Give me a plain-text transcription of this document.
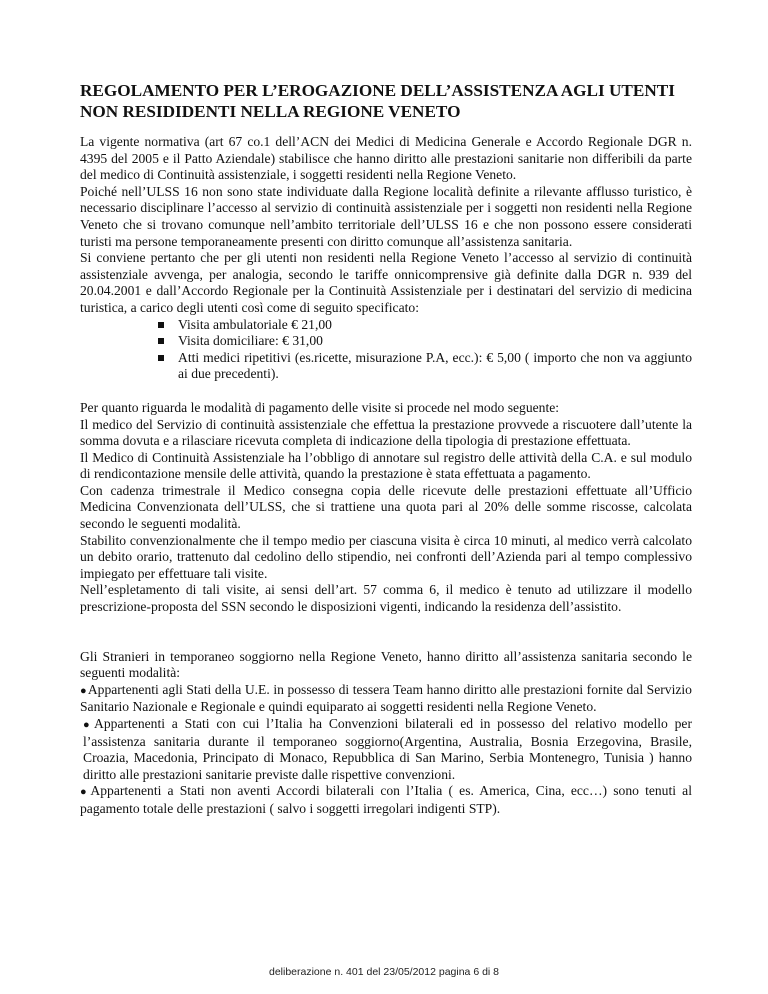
REGOLAMENTO PER L’EROGAZIONE DELL’ASSISTENZA AGLI UTENTI NON RESIDIDENTI NELLA REGIONE VENETO

La vigente normativa (art 67 co.1 dell’ACN dei Medici di Medicina Generale e Accordo Regionale DGR n. 4395 del 2005 e il Patto Aziendale) stabilisce che hanno diritto alle prestazioni sanitarie non differibili da parte del medico di Continuità assistenziale, i soggetti residenti nella Regione Veneto.

Poiché nell’ULSS 16 non sono state individuate dalla Regione località definite a rilevante afflusso turistico, è necessario disciplinare l’accesso al servizio di continuità assistenziale per i soggetti non residenti nella Regione Veneto che si trovano comunque nell’ambito territoriale dell’ULSS 16 e che non possono essere considerati turisti ma persone temporaneamente presenti con diritto comunque all’assistenza sanitaria.

Si conviene pertanto che per gli utenti non residenti nella Regione Veneto l’accesso al servizio di continuità assistenziale avvenga, per analogia, secondo le tariffe onnicomprensive già definite dalla DGR n. 939 del 20.04.2001 e dall’Accordo Regionale per la Continuità Assistenziale per i destinatari del servizio di medicina turistica, a carico degli utenti così come di seguito specificato:

Visita ambulatoriale € 21,00
Visita domiciliare: € 31,00
Atti medici ripetitivi (es.ricette, misurazione P.A, ecc.): € 5,00 ( importo che non va aggiunto ai due precedenti).

Per quanto riguarda le modalità di pagamento delle visite si procede nel modo seguente:

Il medico del Servizio di continuità assistenziale che effettua la prestazione provvede a riscuotere dall’utente la somma dovuta e a rilasciare ricevuta completa di indicazione della tipologia di prestazione effettuata.

Il Medico di Continuità Assistenziale ha l’obbligo di annotare sul registro delle attività della C.A. e sul modulo di rendicontazione mensile delle attività, quando la prestazione è stata effettuata a pagamento.

Con cadenza trimestrale il Medico consegna copia delle ricevute delle prestazioni effettuate all’Ufficio Medicina Convenzionata dell’ULSS, che si trattiene una quota pari al 20% delle somme riscosse, calcolata secondo le seguenti modalità.

Stabilito convenzionalmente che il tempo medio per ciascuna visita è circa 10 minuti, al medico verrà calcolato un debito orario, trattenuto dal cedolino dello stipendio, nei confronti dell’Azienda pari al tempo complessivo impiegato per effettuare tali visite.

Nell’espletamento di tali visite, ai sensi dell’art. 57 comma 6, il medico è tenuto ad utilizzare il modello prescrizione-proposta del SSN secondo le disposizioni vigenti, indicando la residenza dell’assistito.

Gli Stranieri in temporaneo soggiorno nella Regione Veneto, hanno diritto all’assistenza sanitaria secondo le seguenti modalità:

● Appartenenti agli Stati della U.E. in possesso di tessera Team hanno diritto alle prestazioni fornite dal Servizio Sanitario Nazionale e Regionale e quindi equiparato ai soggetti residenti nella Regione Veneto.

● Appartenenti a Stati con cui l’Italia ha Convenzioni bilaterali ed in possesso del relativo modello per l’assistenza sanitaria durante il temporaneo soggiorno(Argentina, Australia, Bosnia Erzegovina, Brasile, Croazia, Macedonia, Principato di Monaco, Repubblica di San Marino, Serbia Montenegro, Tunisia ) hanno diritto alle prestazioni sanitarie previste dalle rispettive convenzioni.

● Appartenenti a Stati non aventi Accordi bilaterali con l’Italia ( es. America, Cina, ecc…) sono tenuti al pagamento totale delle prestazioni ( salvo i soggetti irregolari indigenti STP).

deliberazione n. 401 del 23/05/2012 pagina 6 di 8
